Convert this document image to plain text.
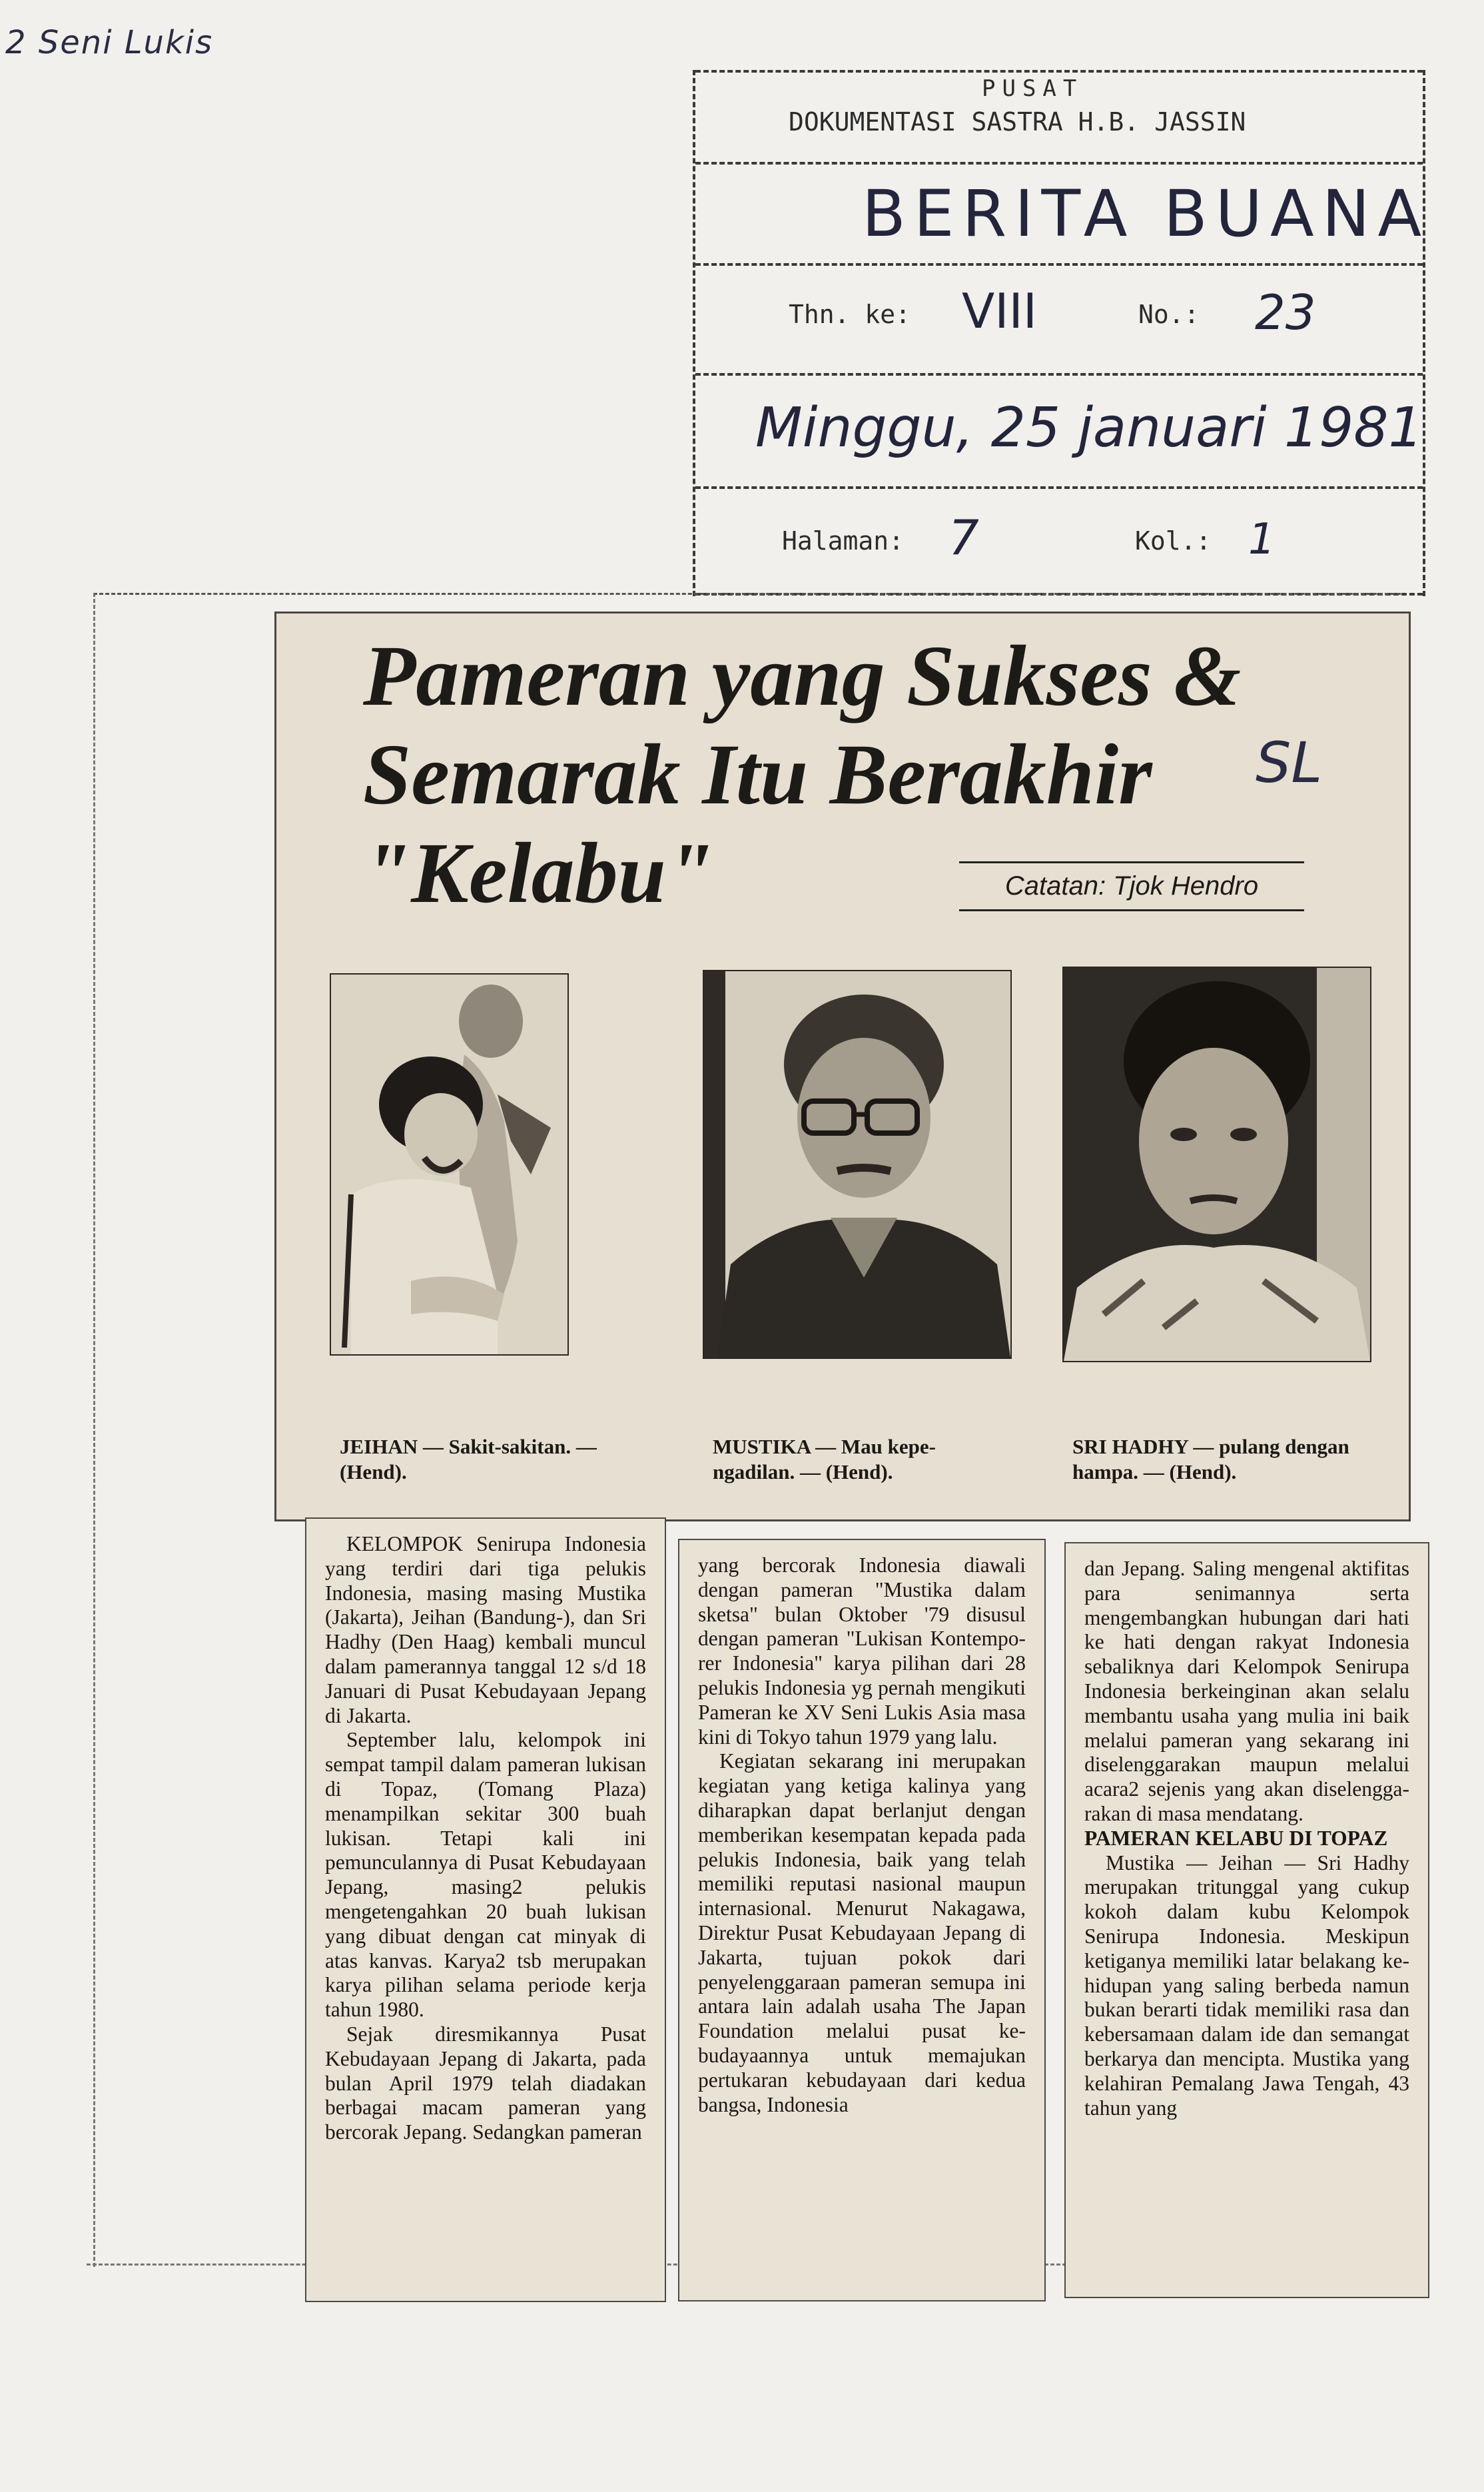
2 Seni Lukis
PUSAT
DOKUMENTASI SASTRA H.B. JASSIN
BERITA BUANA
Thn. ke: VIII	No.: 23
Minggu, 25 januari 1981
Halaman: 7	Kol.: 1
Pameran yang Sukses &
Semarak Itu Berakhir
"Kelabu"
SL
Catatan: Tjok Hendro
JEIHAN — Sakit-sakitan. — (Hend).
MUSTIKA — Mau kepengadilan. — (Hend).
SRI HADHY — pulang dengan hampa. — (Hend).

KELOMPOK Senirupa Indonesia yang terdiri dari tiga pelukis Indonesia, masing masing Mustika (Jakarta), Jeihan (Bandung-), dan Sri Hadhy (Den Haag) kembali muncul dalam pamerannya tanggal 12 s/d 18 Januari di Pusat Kebudayaan Jepang di Jakarta.

September lalu, kelompok ini sempat tampil dalam pameran lukisan di Topaz, (Tomang Plaza) menampilkan sekitar 300 buah lukisan. Tetapi kali ini pemunculannya di Pusat Kebudayaan Jepang, masing2 pelukis mengetengahkan 20 buah lukisan yang dibuat dengan cat minyak di atas kanvas. Karya2 tsb merupakan karya pilihan selama periode kerja tahun 1980.

Sejak diresmikannya Pusat Kebudayaan Jepang di Jakarta, pada bulan April 1979 telah diadakan berbagai macam pameran yang bercorak Jepang. Sedangkan pameran

yang bercorak Indonesia diawali dengan pameran "Mustika dalam sketsa" bulan Oktober '79 disusul dengan pameran "Lukisan Kontemporer Indonesia" karya pilihan dari 28 pelukis Indonesia yg pernah mengikuti Pameran ke XV Seni Lukis Asia masa kini di Tokyo tahun 1979 yang lalu.

Kegiatan sekarang ini merupakan kegiatan yang ketiga kalinya yang diharapkan dapat berlanjut dengan memberikan kesempatan kepada pada pelukis Indonesia, baik yang telah memiliki reputasi nasional maupun internasional. Menurut Nakagawa, Direktur Pusat Kebudayaan Jepang di Jakarta, tujuan pokok dari penyelenggaraan pameran semupa ini antara lain adalah usaha The Japan Foundation melalui pusat kebudayaannya untuk memajukan pertukaran kebudayaan dari kedua bangsa, Indonesia

dan Jepang. Saling mengenal aktifitas para senimannya serta mengembangkan hubungan dari hati ke hati dengan rakyat Indonesia sebaliknya dari Kelompok Senirupa Indonesia berkeinginan akan selalu membantu usaha yang mulia ini baik melalui pameran yang sekarang ini diselenggarakan maupun melalui acara2 sejenis yang akan diselenggarakan di masa mendatang.

PAMERAN KELABU DI TOPAZ

Mustika — Jeihan — Sri Hadhy merupakan tritunggal yang cukup kokoh dalam kubu Kelompok Senirupa Indonesia. Meskipun ketiganya memiliki latar belakang kehidupan yang saling berbeda namun bukan berarti tidak memiliki rasa dan kebersamaan dalam ide dan semangat berkarya dan mencipta. Mustika yang kelahiran Pemalang Jawa Tengah, 43 tahun yang
